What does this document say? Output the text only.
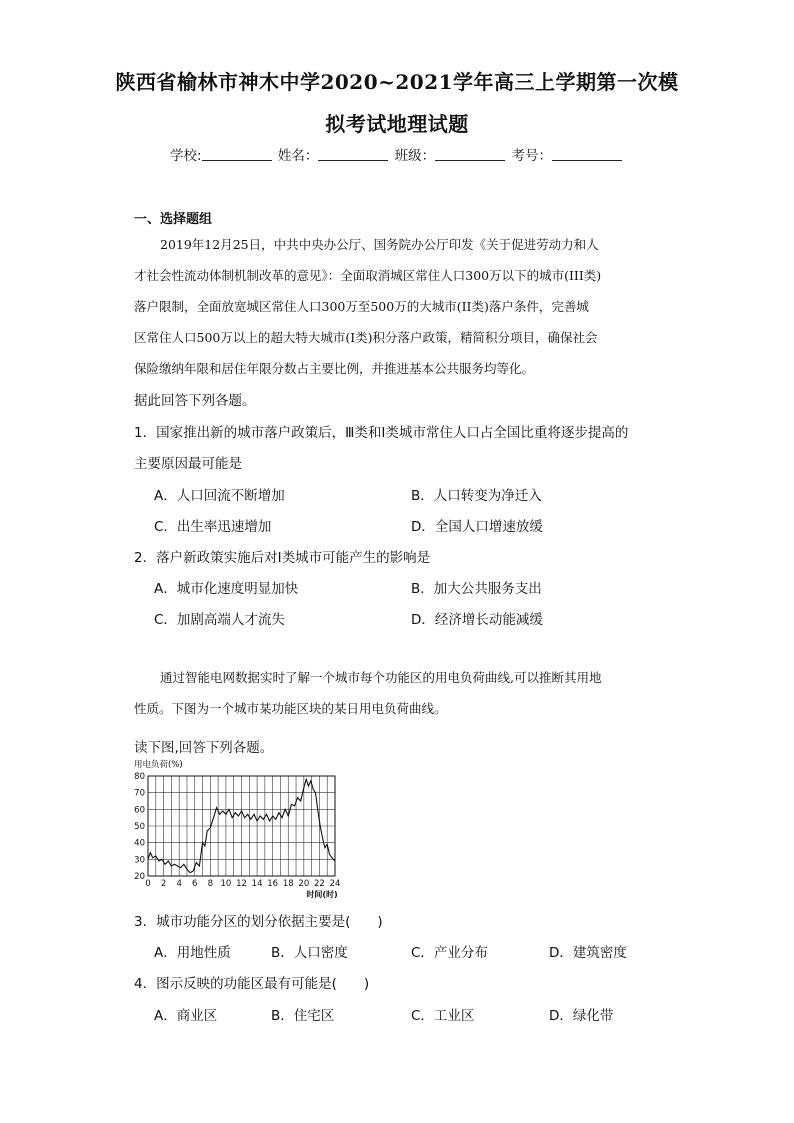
陕西省榆林市神木中学2020~2021学年高三上学期第一次模
拟考试地理试题
学校:	姓名：	班级：	考号：
一、选择题组
2019年12月25日，中共中央办公厅、国务院办公厅印发《关于促进劳动力和人
才社会性流动体制机制改革的意见》：全面取消城区常住人口300万以下的城市(III类)
落户限制，全面放宽城区常住人口300万至500万的大城市(II类)落户条件，完善城
区常住人口500万以上的超大特大城市(I类)积分落户政策，精简积分项目，确保社会
保险缴纳年限和居住年限分数占主要比例，并推进基本公共服务均等化。
据此回答下列各题。
1．国家推出新的城市落户政策后，Ⅲ类和Ⅰ类城市常住人口占全国比重将逐步提高的
主要原因最可能是
A．人口回流不断增加	B．人口转变为净迁入
C．出生率迅速增加	D．全国人口增速放缓
2．落户新政策实施后对Ⅰ类城市可能产生的影响是
A．城市化速度明显加快	B．加大公共服务支出
C．加剧高端人才流失	D．经济增长动能减缓
通过智能电网数据实时了解一个城市每个功能区的用电负荷曲线,可以推断其用地
性质。下图为一个城市某功能区块的某日用电负荷曲线。
读下图,回答下列各题。
用电负荷(%)
时间(时)
20
30
40
50
60
70
80
0 2 4 6 8 10 12 14 16 18 20 22 24
3．城市功能分区的划分依据主要是(　　)
A．用地性质	B．人口密度	C．产业分布	D．建筑密度
4．图示反映的功能区最有可能是(　　)
A．商业区	B．住宅区	C．工业区	D．绿化带
